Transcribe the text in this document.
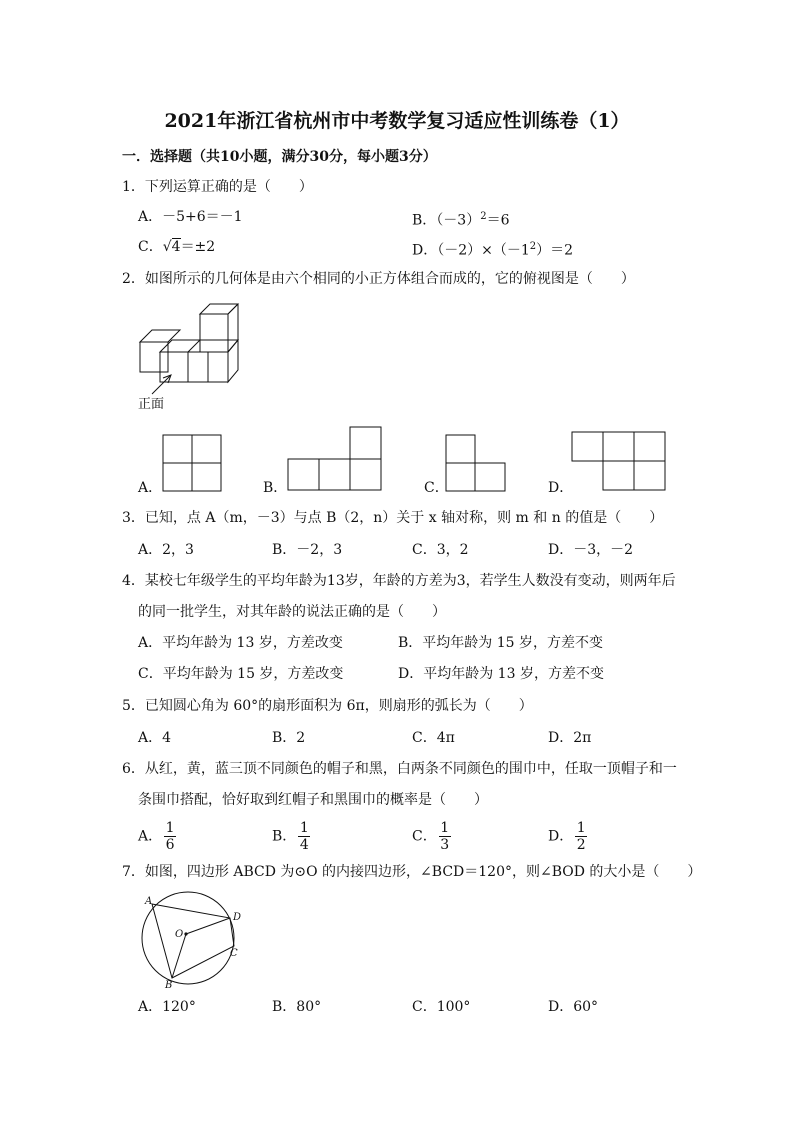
2021年浙江省杭州市中考数学复习适应性训练卷（1）
一．选择题（共10小题，满分30分，每小题3分）
1．下列运算正确的是（　　）
A．－5+6＝－1	B．$(-3)^2=6$
C．√4＝±2	D．$(-2)\times(-1^2)=2$
2．如图所示的几何体是由六个相同的小正方体组合而成的，它的俯视图是（　　）
正面
A．	B．	C．	D．
3．已知，点 A（m，－3）与点 B（2，n）关于 x 轴对称，则 m 和 n 的值是（　　）
A．2，3	B．－2，3	C．3，2	D．－3，－2
4．某校七年级学生的平均年龄为13岁，年龄的方差为3，若学生人数没有变动，则两年后
的同一批学生，对其年龄的说法正确的是（　　）
A．平均年龄为 13 岁，方差改变	B．平均年龄为 15 岁，方差不变
C．平均年龄为 15 岁，方差改变	D．平均年龄为 13 岁，方差不变
5．已知圆心角为 60°的扇形面积为 6π，则扇形的弧长为（　　）
A．4	B．2	C．4π	D．2π
6．从红，黄，蓝三顶不同颜色的帽子和黑，白两条不同颜色的围巾中，任取一顶帽子和一
条围巾搭配，恰好取到红帽子和黑围巾的概率是（　　）
A． $\frac{1}{6}$	B． $\frac{1}{4}$	C． $\frac{1}{3}$	D． $\frac{1}{2}$
7．如图，四边形 ABCD 为⊙O 的内接四边形，∠BCD＝120°，则∠BOD 的大小是（　　）
A
D
C
B
O
A．120°	B．80°	C．100°	D．60°
